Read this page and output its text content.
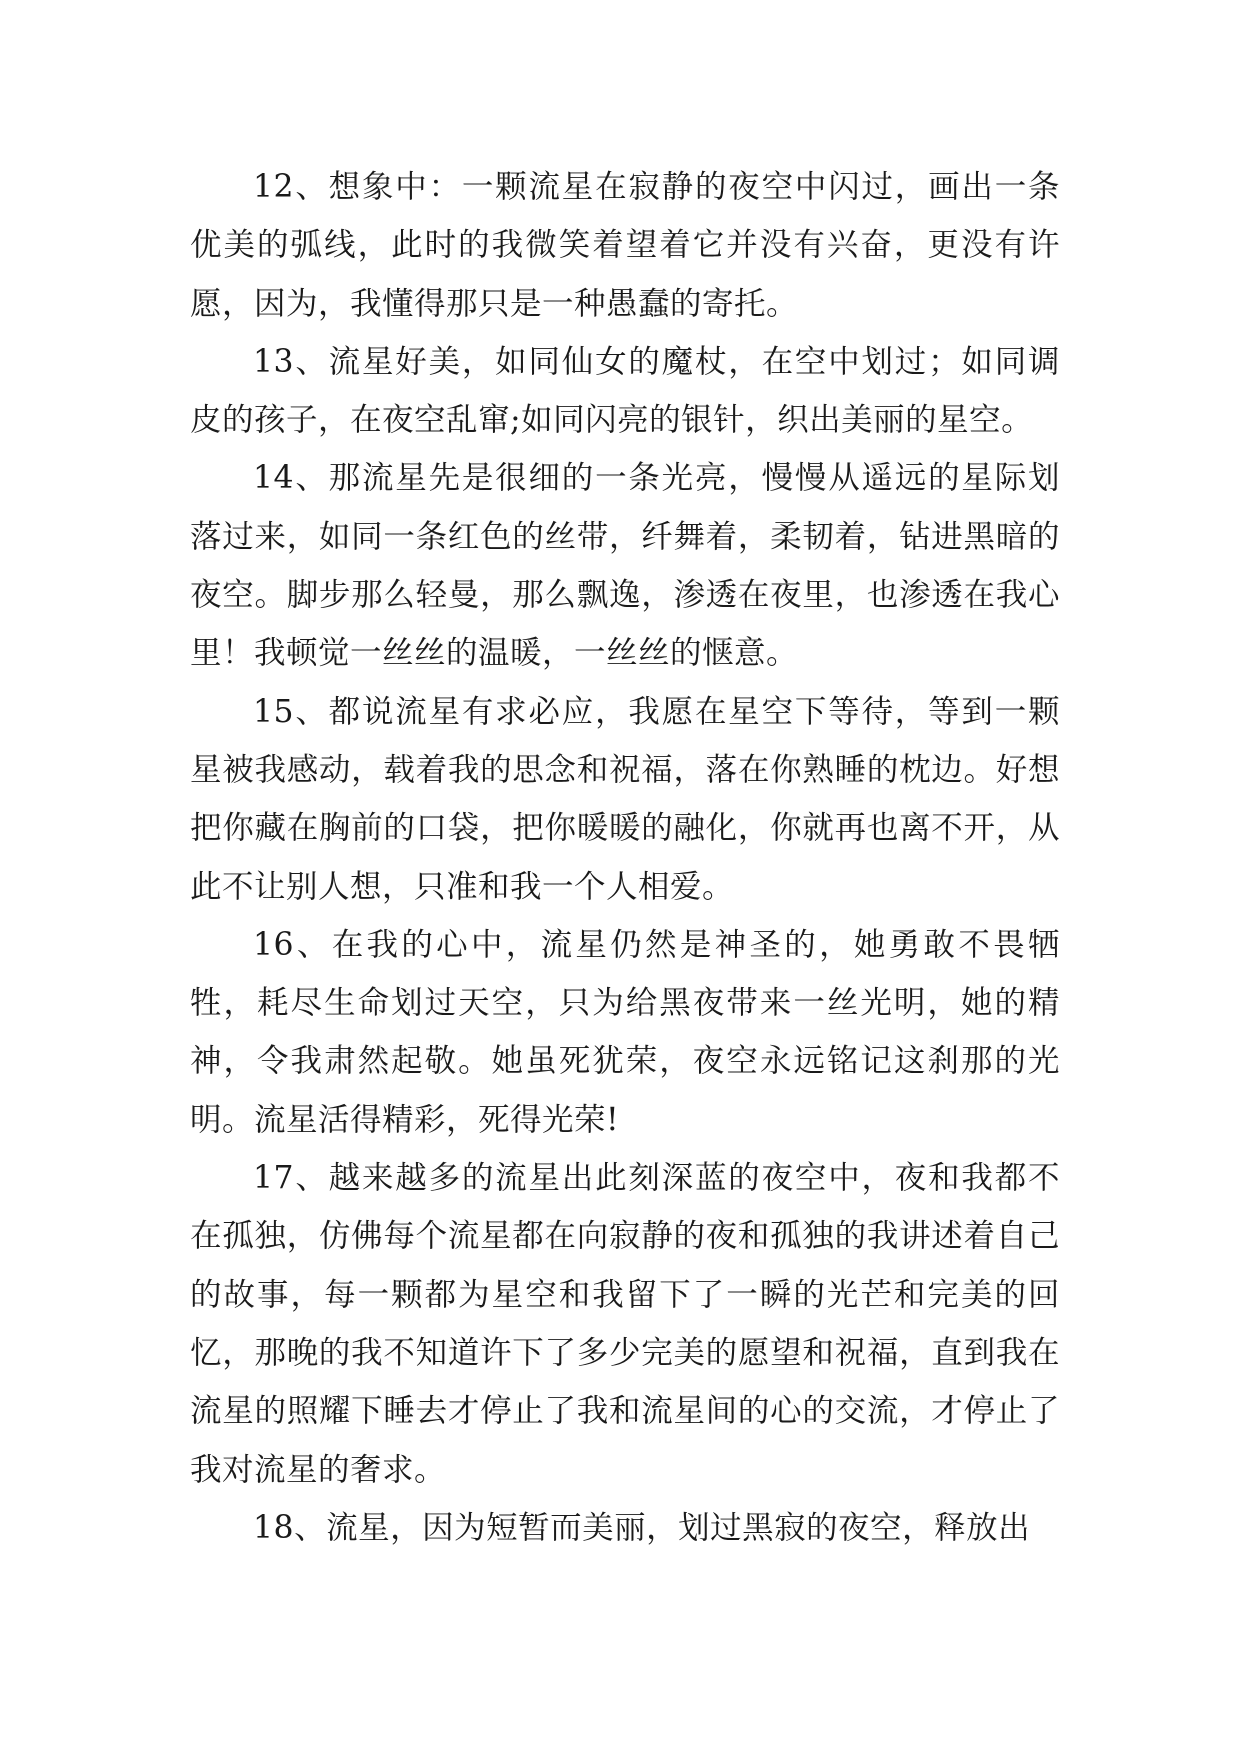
12、想象中：一颗流星在寂静的夜空中闪过，画出一条优美的弧线，此时的我微笑着望着它并没有兴奋，更没有许愿，因为，我懂得那只是一种愚蠢的寄托。

13、流星好美，如同仙女的魔杖，在空中划过；如同调皮的孩子，在夜空乱窜;如同闪亮的银针，织出美丽的星空。

14、那流星先是很细的一条光亮，慢慢从遥远的星际划落过来，如同一条红色的丝带，纤舞着，柔韧着，钻进黑暗的夜空。脚步那么轻曼，那么飘逸，渗透在夜里，也渗透在我心里！我顿觉一丝丝的温暖，一丝丝的惬意。

15、都说流星有求必应，我愿在星空下等待，等到一颗星被我感动，载着我的思念和祝福，落在你熟睡的枕边。好想把你藏在胸前的口袋，把你暖暖的融化，你就再也离不开，从此不让别人想，只准和我一个人相爱。

16、在我的心中，流星仍然是神圣的，她勇敢不畏牺牲，耗尽生命划过天空，只为给黑夜带来一丝光明，她的精神，令我肃然起敬。她虽死犹荣，夜空永远铭记这刹那的光明。流星活得精彩，死得光荣!

17、越来越多的流星出此刻深蓝的夜空中，夜和我都不在孤独，仿佛每个流星都在向寂静的夜和孤独的我讲述着自己的故事，每一颗都为星空和我留下了一瞬的光芒和完美的回忆，那晚的我不知道许下了多少完美的愿望和祝福，直到我在流星的照耀下睡去才停止了我和流星间的心的交流，才停止了我对流星的奢求。

18、流星，因为短暂而美丽，划过黑寂的夜空，释放出
